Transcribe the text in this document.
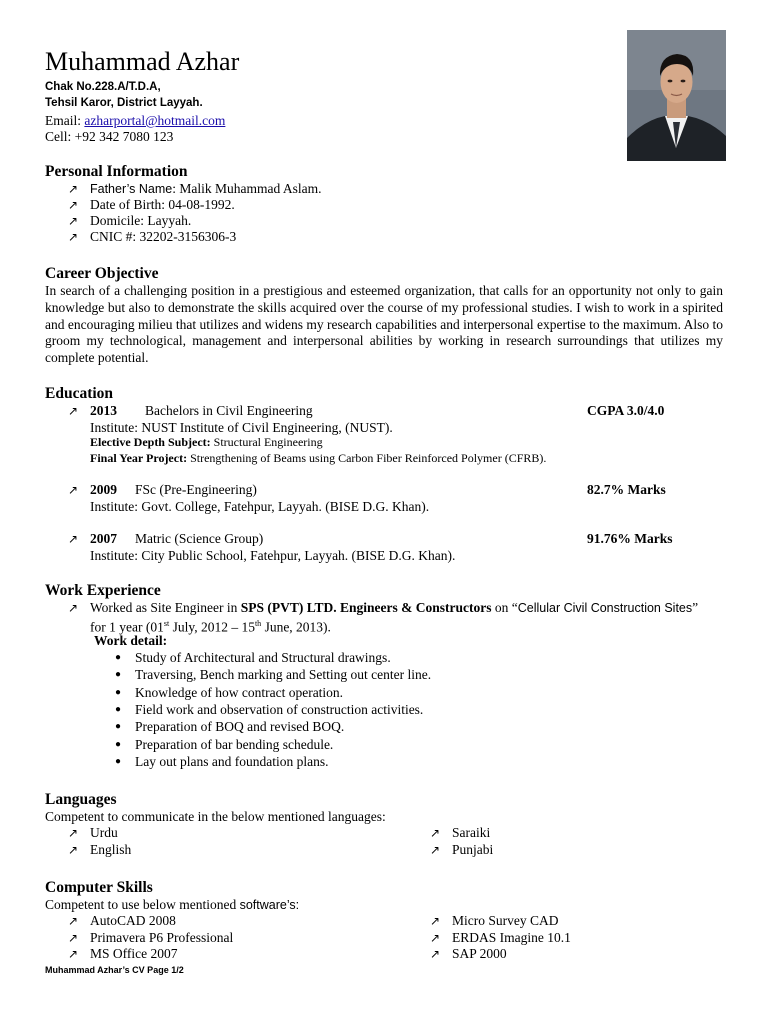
Muhammad Azhar
Chak No.228.A/T.D.A,
Tehsil Karor, District Layyah.
Email: azharportal@hotmail.com
Cell: +92 342 7080 123
Personal Information
↗ Father’s Name: Malik Muhammad Aslam.
↗ Date of Birth: 04-08-1992.
↗ Domicile: Layyah.
↗ CNIC #: 32202-3156306-3
Career Objective
In search of a challenging position in a prestigious and esteemed organization, that calls for an opportunity not only to gain knowledge but also to demonstrate the skills acquired over the course of my professional studies. I wish to work in a spirited and encouraging milieu that utilizes and widens my research capabilities and interpersonal expertise to the maximum. Also to groom my technological, management and interpersonal abilities by working in research surroundings that utilizes my complete potential.
Education
↗ 2013 Bachelors in Civil Engineering	CGPA 3.0/4.0
Institute: NUST Institute of Civil Engineering, (NUST).
Elective Depth Subject: Structural Engineering
Final Year Project: Strengthening of Beams using Carbon Fiber Reinforced Polymer (CFRB).
↗ 2009 FSc (Pre-Engineering)	82.7% Marks
Institute: Govt. College, Fatehpur, Layyah. (BISE D.G. Khan).
↗ 2007 Matric (Science Group)	91.76% Marks
Institute: City Public School, Fatehpur, Layyah. (BISE D.G. Khan).
Work Experience
↗ Worked as Site Engineer in SPS (PVT) LTD. Engineers & Constructors on “Cellular Civil Construction Sites”
for 1 year (01st July, 2012 – 15th June, 2013).
Work detail:
● Study of Architectural and Structural drawings.
● Traversing, Bench marking and Setting out center line.
● Knowledge of how contract operation.
● Field work and observation of construction activities.
● Preparation of BOQ and revised BOQ.
● Preparation of bar bending schedule.
● Lay out plans and foundation plans.
Languages
Competent to communicate in the below mentioned languages:
↗ Urdu	↗ Saraiki
↗ English	↗ Punjabi
Computer Skills
Competent to use below mentioned software’s:
↗ AutoCAD 2008	↗ Micro Survey CAD
↗ Primavera P6 Professional	↗ ERDAS Imagine 10.1
↗ MS Office 2007	↗ SAP 2000
Muhammad Azhar’s CV Page 1/2
